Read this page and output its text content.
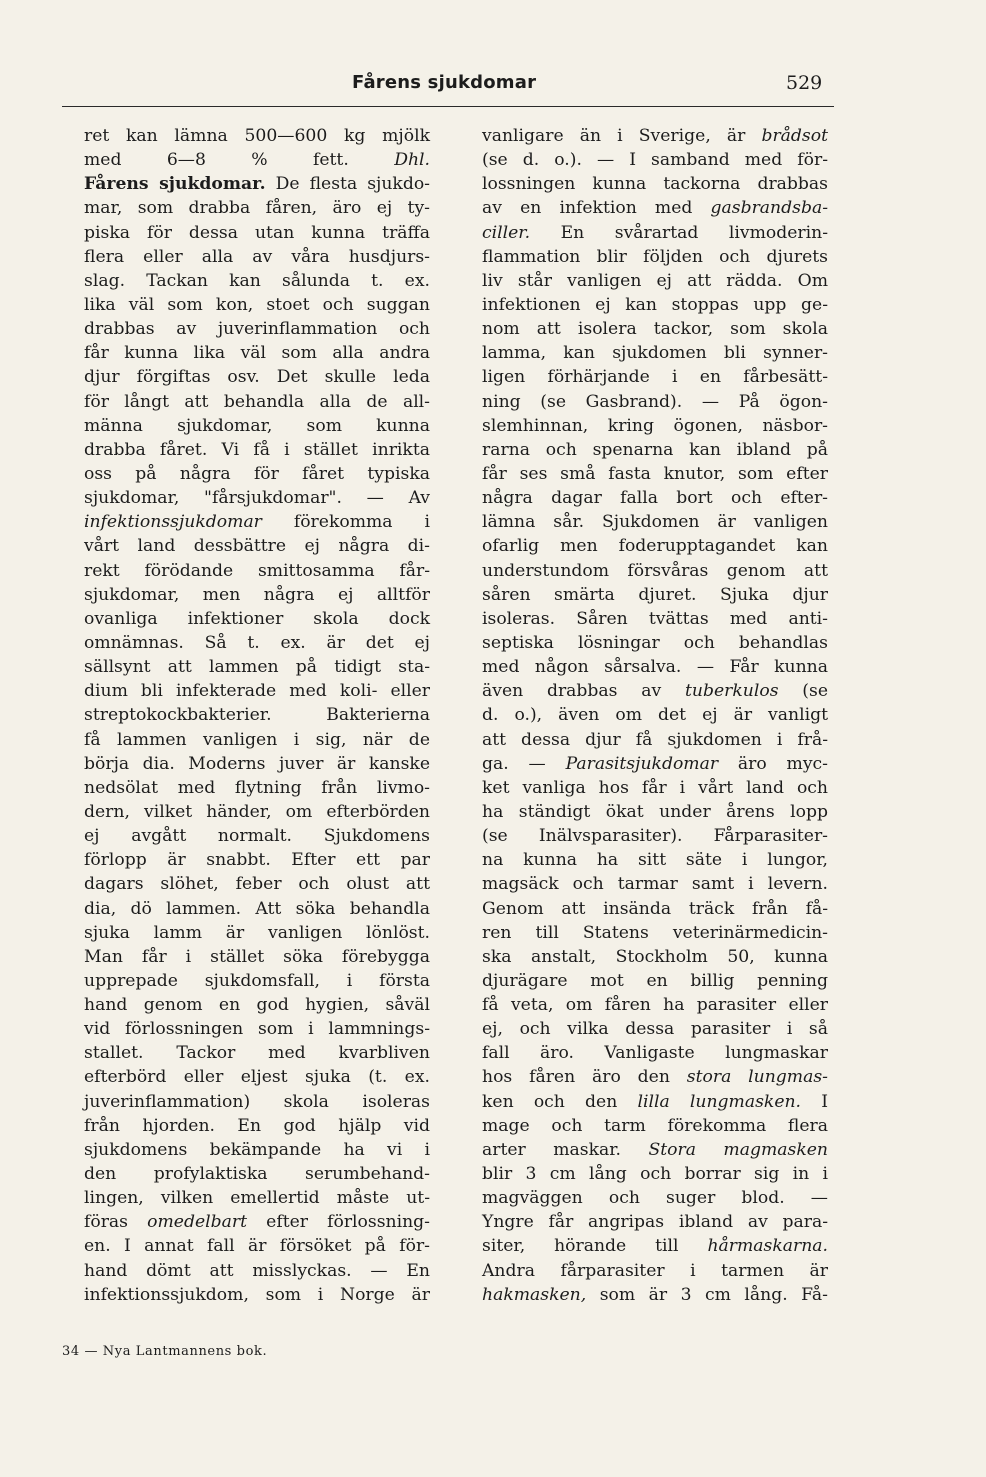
Fårens sjukdomar	529
ret kan lämna 500—600 kg mjölk
med 6—8 % fett. Dhl.
Fårens sjukdomar. De flesta sjukdo-
mar, som drabba fåren, äro ej ty-
piska för dessa utan kunna träffa
flera eller alla av våra husdjurs-
slag. Tackan kan sålunda t. ex.
lika väl som kon, stoet och suggan
drabbas av juverinflammation och
får kunna lika väl som alla andra
djur förgiftas osv. Det skulle leda
för långt att behandla alla de all-
männa sjukdomar, som kunna
drabba fåret. Vi få i stället inrikta
oss på några för fåret typiska
sjukdomar, "fårsjukdomar". — Av
infektionssjukdomar förekomma i
vårt land dessbättre ej några di-
rekt förödande smittosamma får-
sjukdomar, men några ej alltför
ovanliga infektioner skola dock
omnämnas. Så t. ex. är det ej
sällsynt att lammen på tidigt sta-
dium bli infekterade med koli- eller
streptokockbakterier. Bakterierna
få lammen vanligen i sig, när de
börja dia. Moderns juver är kanske
nedsölat med flytning från livmo-
dern, vilket händer, om efterbörden
ej avgått normalt. Sjukdomens
förlopp är snabbt. Efter ett par
dagars slöhet, feber och olust att
dia, dö lammen. Att söka behandla
sjuka lamm är vanligen lönlöst.
Man får i stället söka förebygga
upprepade sjukdomsfall, i första
hand genom en god hygien, såväl
vid förlossningen som i lammnings-
stallet. Tackor med kvarbliven
efterbörd eller eljest sjuka (t. ex.
juverinflammation) skola isoleras
från hjorden. En god hjälp vid
sjukdomens bekämpande ha vi i
den profylaktiska serumbehand-
lingen, vilken emellertid måste ut-
föras omedelbart efter förlossning-
en. I annat fall är försöket på för-
hand dömt att misslyckas. — En
infektionssjukdom, som i Norge är
vanligare än i Sverige, är brådsot
(se d. o.). — I samband med för-
lossningen kunna tackorna drabbas
av en infektion med gasbrandsba-
ciller. En svårartad livmoderin-
flammation blir följden och djurets
liv står vanligen ej att rädda. Om
infektionen ej kan stoppas upp ge-
nom att isolera tackor, som skola
lamma, kan sjukdomen bli synner-
ligen förhärjande i en fårbesätt-
ning (se Gasbrand). — På ögon-
slemhinnan, kring ögonen, näsbor-
rarna och spenarna kan ibland på
får ses små fasta knutor, som efter
några dagar falla bort och efter-
lämna sår. Sjukdomen är vanligen
ofarlig men foderupptagandet kan
understundom försvåras genom att
såren smärta djuret. Sjuka djur
isoleras. Såren tvättas med anti-
septiska lösningar och behandlas
med någon sårsalva. — Får kunna
även drabbas av tuberkulos (se
d. o.), även om det ej är vanligt
att dessa djur få sjukdomen i frå-
ga. — Parasitsjukdomar äro myc-
ket vanliga hos får i vårt land och
ha ständigt ökat under årens lopp
(se Inälvsparasiter). Fårparasiter-
na kunna ha sitt säte i lungor,
magsäck och tarmar samt i levern.
Genom att insända träck från få-
ren till Statens veterinärmedicin-
ska anstalt, Stockholm 50, kunna
djurägare mot en billig penning
få veta, om fåren ha parasiter eller
ej, och vilka dessa parasiter i så
fall äro. Vanligaste lungmaskar
hos fåren äro den stora lungmas-
ken och den lilla lungmasken. I
mage och tarm förekomma flera
arter maskar. Stora magmasken
blir 3 cm lång och borrar sig in i
magväggen och suger blod. —
Yngre får angripas ibland av para-
siter, hörande till hårmaskarna.
Andra fårparasiter i tarmen är
hakmasken, som är 3 cm lång. Få-
34 — Nya Lantmannens bok.
